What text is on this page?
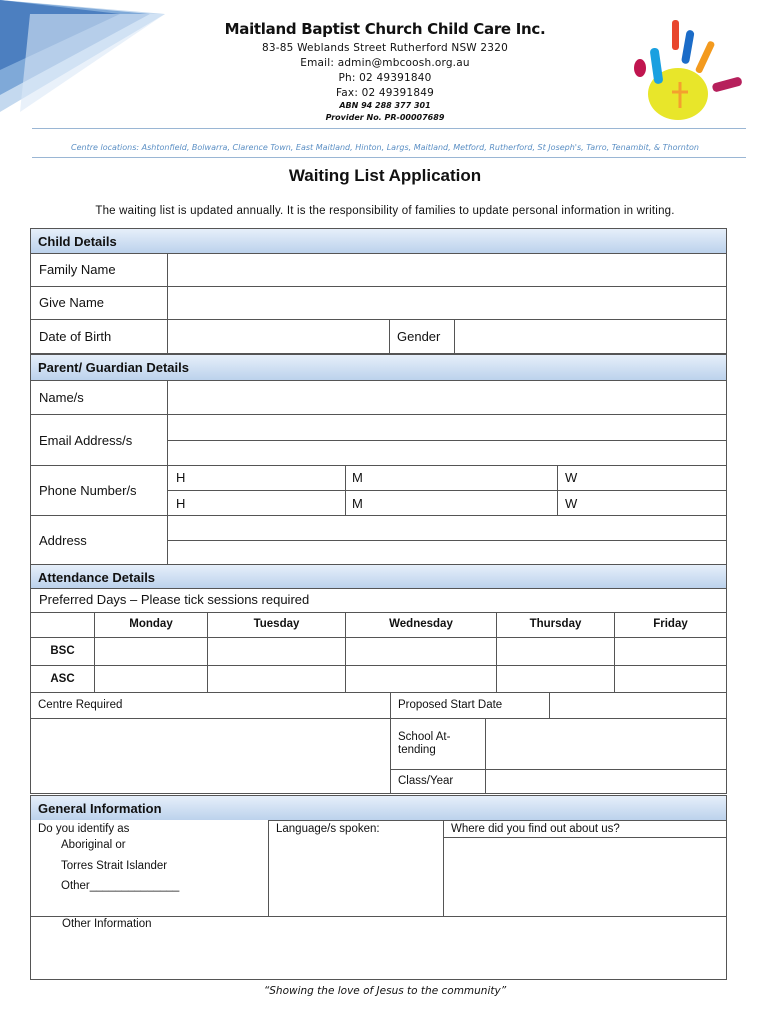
Maitland Baptist Church Child Care Inc.
83-85 Weblands Street Rutherford NSW 2320
Email: admin@mbcoosh.org.au
Ph: 02 49391840
Fax: 02 49391849
ABN 94 288 377 301
Provider No. PR-00007689
Centre locations: Ashtonfield, Bolwarra, Clarence Town, East Maitland, Hinton, Largs, Maitland, Metford, Rutherford, St Joseph's, Tarro, Tenambit, & Thornton
Waiting List Application
The waiting list is updated annually. It is the responsibility of families to update personal information in writing.
Child Details
Family Name
Give Name
Date of Birth	Gender
Parent/ Guardian Details
Name/s
Email Address/s
Phone Number/s
H	M	W
H	M	W
Address
Attendance Details
Preferred Days – Please tick sessions required
Monday	Tuesday	Wednesday	Thursday	Friday
BSC
ASC
Centre Required	Proposed Start Date
School At-
tending
Class/Year
General Information
Do you identify as
Aboriginal or
Torres Strait Islander
Other______________
Language/s spoken:	Where did you find out about us?
Other Information
“Showing the love of Jesus to the community”
